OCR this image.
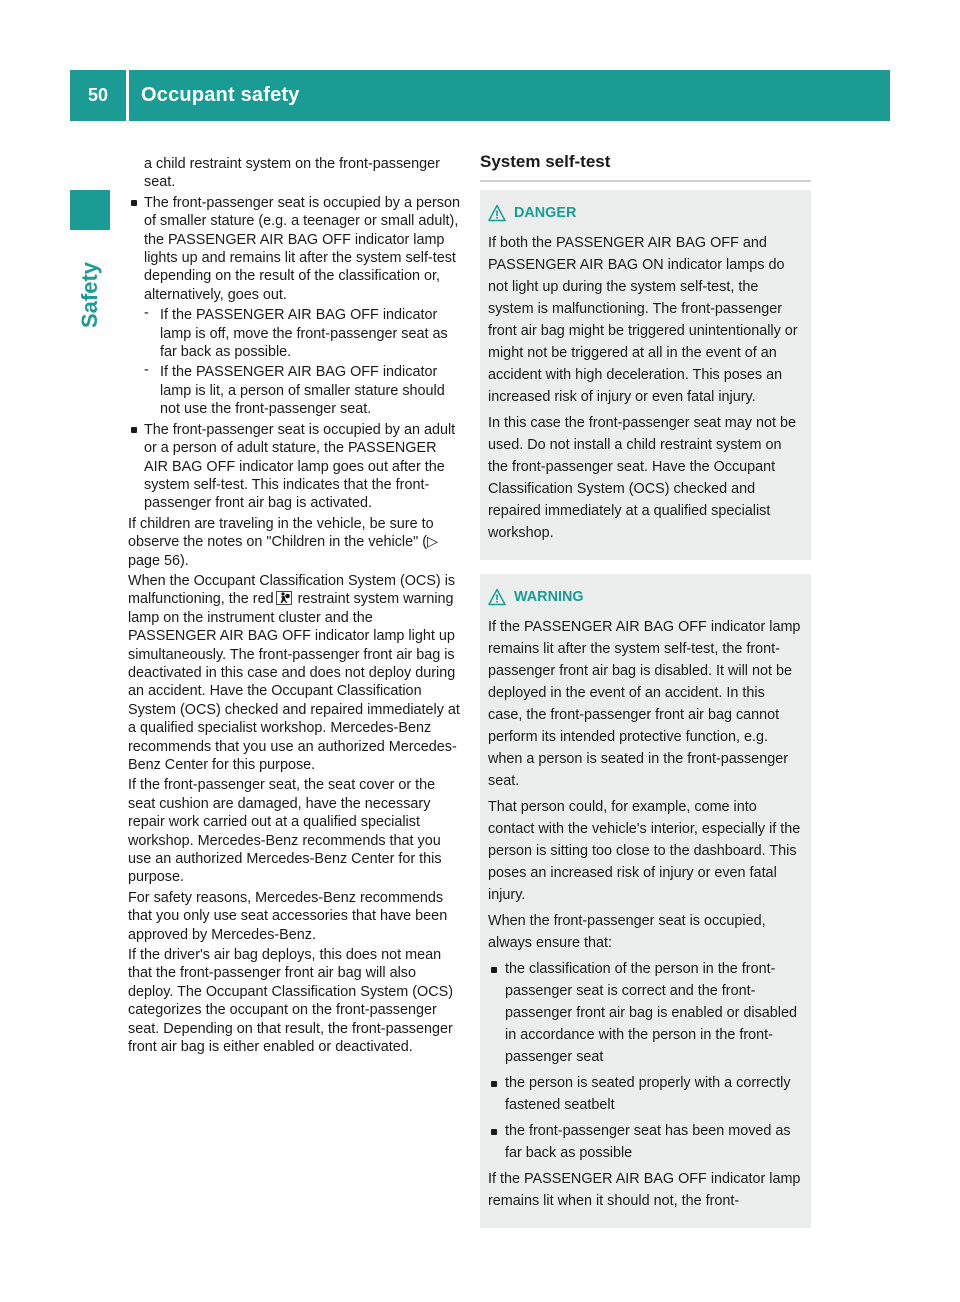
50	Occupant safety
Safety

a child restraint system on the front-passenger seat.

The front-passenger seat is occupied by a person of smaller stature (e.g. a teenager or small adult), the PASSENGER AIR BAG OFF indicator lamp lights up and remains lit after the system self-test depending on the result of the classification or, alternatively, goes out.

- If the PASSENGER AIR BAG OFF indicator lamp is off, move the front-passenger seat as far back as possible.

- If the PASSENGER AIR BAG OFF indicator lamp is lit, a person of smaller stature should not use the front-passenger seat.

The front-passenger seat is occupied by an adult or a person of adult stature, the PASSENGER AIR BAG OFF indicator lamp goes out after the system self-test. This indicates that the front-passenger front air bag is activated.

If children are traveling in the vehicle, be sure to observe the notes on "Children in the vehicle" (▷ page 56).

When the Occupant Classification System (OCS) is malfunctioning, the red restraint system warning lamp on the instrument cluster and the PASSENGER AIR BAG OFF indicator lamp light up simultaneously. The front-passenger front air bag is deactivated in this case and does not deploy during an accident. Have the Occupant Classification System (OCS) checked and repaired immediately at a qualified specialist workshop. Mercedes-Benz recommends that you use an authorized Mercedes-Benz Center for this purpose.

If the front-passenger seat, the seat cover or the seat cushion are damaged, have the necessary repair work carried out at a qualified specialist workshop. Mercedes-Benz recommends that you use an authorized Mercedes-Benz Center for this purpose.

For safety reasons, Mercedes-Benz recommends that you only use seat accessories that have been approved by Mercedes-Benz.

If the driver's air bag deploys, this does not mean that the front-passenger front air bag will also deploy. The Occupant Classification System (OCS) categorizes the occupant on the front-passenger seat. Depending on that result, the front-passenger front air bag is either enabled or deactivated.

System self-test
DANGER

If both the PASSENGER AIR BAG OFF and PASSENGER AIR BAG ON indicator lamps do not light up during the system self-test, the system is malfunctioning. The front-passenger front air bag might be triggered unintentionally or might not be triggered at all in the event of an accident with high deceleration. This poses an increased risk of injury or even fatal injury.

In this case the front-passenger seat may not be used. Do not install a child restraint system on the front-passenger seat. Have the Occupant Classification System (OCS) checked and repaired immediately at a qualified specialist workshop.

WARNING

If the PASSENGER AIR BAG OFF indicator lamp remains lit after the system self-test, the front-passenger front air bag is disabled. It will not be deployed in the event of an accident. In this case, the front-passenger front air bag cannot perform its intended protective function, e.g. when a person is seated in the front-passenger seat.

That person could, for example, come into contact with the vehicle's interior, especially if the person is sitting too close to the dashboard. This poses an increased risk of injury or even fatal injury.

When the front-passenger seat is occupied, always ensure that:

the classification of the person in the front-passenger seat is correct and the front-passenger front air bag is enabled or disabled in accordance with the person in the front-passenger seat

the person is seated properly with a correctly fastened seatbelt

the front-passenger seat has been moved as far back as possible

If the PASSENGER AIR BAG OFF indicator lamp remains lit when it should not, the front-
